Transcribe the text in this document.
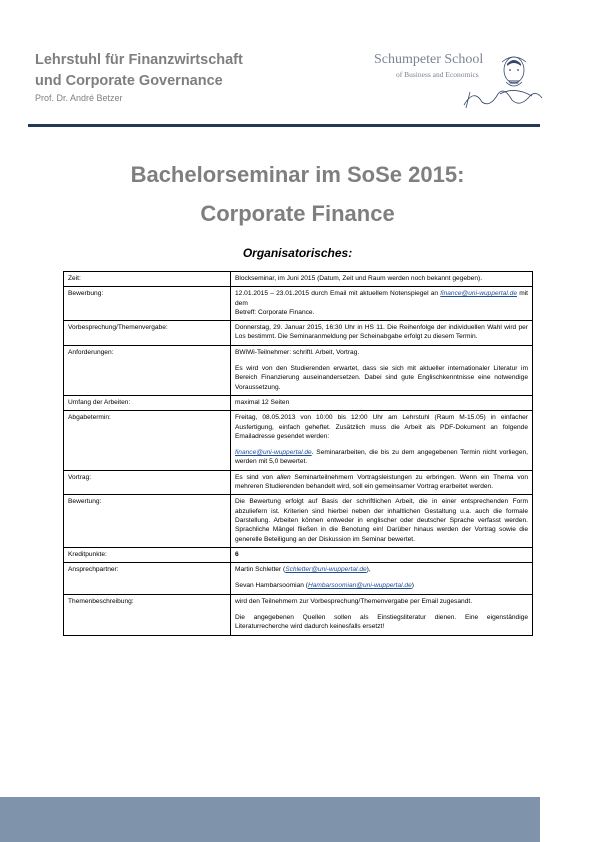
Lehrstuhl für Finanzwirtschaft
und Corporate Governance
Prof. Dr. André Betzer
Schumpeter School
of Business and Economics
Bachelorseminar im SoSe 2015:
Corporate Finance
Organisatorisches:
Zeit:	Blockseminar, im Juni 2015 (Datum, Zeit und Raum werden noch bekannt gegeben).
Bewerbung:	12.01.2015 – 23.01.2015 durch Email mit aktuellem Notenspiegel an finance@uni-wuppertal.de mit dem
Betreff: Corporate Finance.
Vorbesprechung/Themenvergabe:	Donnerstag, 29. Januar 2015, 16:30 Uhr in HS 11. Die Reihenfolge der individuellen Wahl wird per Los bestimmt. Die Seminaranmeldung per Scheinabgabe erfolgt zu diesem Termin.
Anforderungen:	BWiWi-Teilnehmer: schriftl. Arbeit, Vortrag.
Es wird von den Studierenden erwartet, dass sie sich mit aktueller internationaler Literatur im Bereich Finanzierung auseinandersetzen. Dabei sind gute Englischkenntnisse eine notwendige Voraussetzung.

Umfang der Arbeiten:	maximal 12 Seiten
Abgabetermin:	Freitag, 08.05.2013 von 10:00 bis 12:00 Uhr am Lehrstuhl (Raum M-15.05) in einfacher Ausfertigung, einfach geheftet. Zusätzlich muss die Arbeit als PDF-Dokument an folgende Emailadresse gesendet werden:
finance@uni-wuppertal.de. Seminararbeiten, die bis zu dem angegebenen Termin nicht vorliegen, werden mit 5,0 bewertet.

Vortrag:	Es sind von allen Seminarteilnehmern Vortragsleistungen zu erbringen. Wenn ein Thema von mehreren Studierenden behandelt wird, soll ein gemeinsamer Vortrag erarbeitet werden.
Bewertung:	Die Bewertung erfolgt auf Basis der schriftlichen Arbeit, die in einer entsprechenden Form abzuliefern ist. Kriterien sind hierbei neben der inhaltlichen Gestaltung u.a. auch die formale Darstellung. Arbeiten können entweder in englischer oder deutscher Sprache verfasst werden. Sprachliche Mängel fließen in die Benotung ein! Darüber hinaus werden der Vortrag sowie die generelle Beteiligung an der Diskussion im Seminar bewertet.
Kreditpunkte:	6
Ansprechpartner:	Martin Schletter (Schletter@uni-wuppertal.de),
Sevan Hambarsoomian (Hambarsoomian@uni-wuppertal.de)

Themenbeschreibung:	wird den Teilnehmern zur Vorbesprechung/Themenvergabe per Email zugesandt.
Die angegebenen Quellen sollen als Einstiegsliteratur dienen. Eine eigenständige Literaturrecherche wird dadurch keinesfalls ersetzt!
